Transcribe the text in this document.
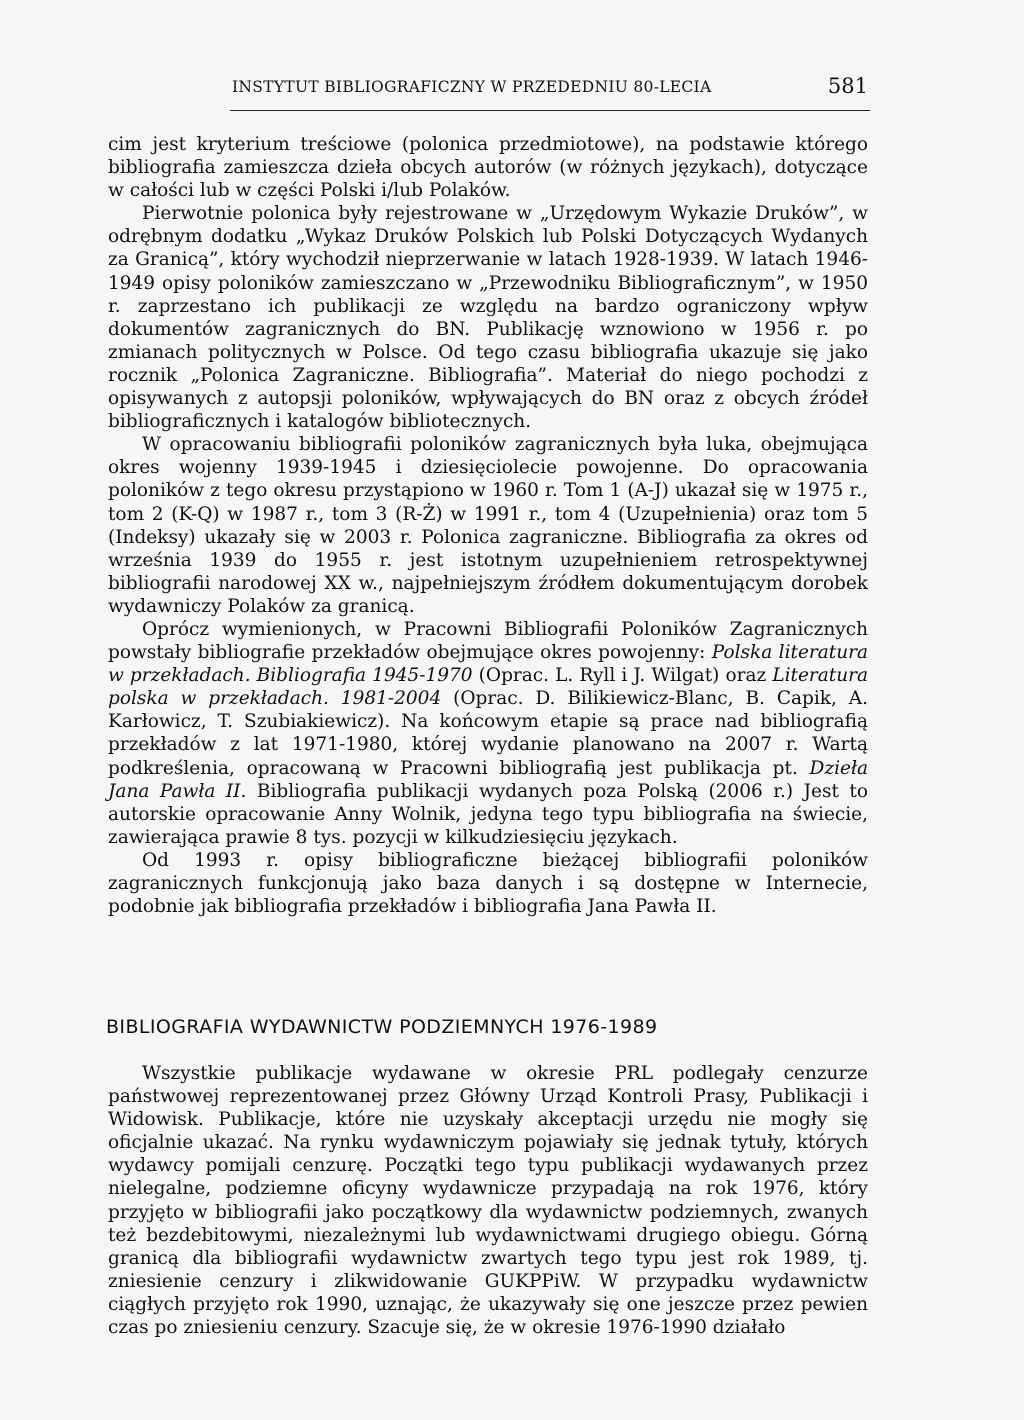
INSTYTUT BIBLIOGRAFICZNY W PRZEDEDNIU 80-LECIA	581

cim jest kryterium treściowe (polonica przedmiotowe), na podstawie którego bibliografia zamieszcza dzieła obcych autorów (w różnych językach), dotyczące w całości lub w części Polski i/lub Polaków.

Pierwotnie polonica były rejestrowane w „Urzędowym Wykazie Druków”, w odrębnym dodatku „Wykaz Druków Polskich lub Polski Dotyczących Wydanych za Granicą”, który wychodził nieprzerwanie w latach 1928-1939. W latach 1946-1949 opisy poloników zamieszczano w „Przewodniku Bibliograficznym”, w 1950 r. zaprzestano ich publikacji ze względu na bardzo ograniczony wpływ dokumentów zagranicznych do BN. Publikację wznowiono w 1956 r. po zmianach politycznych w Polsce. Od tego czasu bibliografia ukazuje się jako rocznik „Polonica Zagraniczne. Bibliografia”. Materiał do niego pochodzi z opisywanych z autopsji poloników, wpływających do BN oraz z obcych źródeł bibliograficznych i katalogów bibliotecznych.

W opracowaniu bibliografii poloników zagranicznych była luka, obejmująca okres wojenny 1939-1945 i dziesięciolecie powojenne. Do opracowania poloników z tego okresu przystąpiono w 1960 r. Tom 1 (A-J) ukazał się w 1975 r., tom 2 (K-Q) w 1987 r., tom 3 (R-Ż) w 1991 r., tom 4 (Uzupełnienia) oraz tom 5 (Indeksy) ukazały się w 2003 r. Polonica zagraniczne. Bibliografia za okres od września 1939 do 1955 r. jest istotnym uzupełnieniem retrospektywnej bibliografii narodowej XX w., najpełniejszym źródłem dokumentującym dorobek wydawniczy Polaków za granicą.

Oprócz wymienionych, w Pracowni Bibliografii Poloników Zagranicznych powstały bibliografie przekładów obejmujące okres powojenny: Polska literatura w przekładach. Bibliografia 1945-1970 (Oprac. L. Ryll i J. Wilgat) oraz Literatura polska w przekładach. 1981-2004 (Oprac. D. Bilikiewicz-Blanc, B. Capik, A. Karłowicz, T. Szubiakiewicz). Na końcowym etapie są prace nad bibliografią przekładów z lat 1971-1980, której wydanie planowano na 2007 r. Wartą podkreślenia, opracowaną w Pracowni bibliografią jest publikacja pt. Dzieła Jana Pawła II. Bibliografia publikacji wydanych poza Polską (2006 r.) Jest to autorskie opracowanie Anny Wolnik, jedyna tego typu bibliografia na świecie, zawierająca prawie 8 tys. pozycji w kilkudziesięciu językach.

Od 1993 r. opisy bibliograficzne bieżącej bibliografii poloników zagranicznych funkcjonują jako baza danych i są dostępne w Internecie, podobnie jak bibliografia przekładów i bibliografia Jana Pawła II.

BIBLIOGRAFIA WYDAWNICTW PODZIEMNYCH 1976-1989

Wszystkie publikacje wydawane w okresie PRL podlegały cenzurze państwowej reprezentowanej przez Główny Urząd Kontroli Prasy, Publikacji i Widowisk. Publikacje, które nie uzyskały akceptacji urzędu nie mogły się oficjalnie ukazać. Na rynku wydawniczym pojawiały się jednak tytuły, których wydawcy pomijali cenzurę. Początki tego typu publikacji wydawanych przez nielegalne, podziemne oficyny wydawnicze przypadają na rok 1976, który przyjęto w bibliografii jako początkowy dla wydawnictw podziemnych, zwanych też bezdebitowymi, niezależnymi lub wydawnictwami drugiego obiegu. Górną granicą dla bibliografii wydawnictw zwartych tego typu jest rok 1989, tj. zniesienie cenzury i zlikwidowanie GUKPPiW. W przypadku wydawnictw ciągłych przyjęto rok 1990, uznając, że ukazywały się one jeszcze przez pewien czas po zniesieniu cenzury. Szacuje się, że w okresie 1976-1990 działało
